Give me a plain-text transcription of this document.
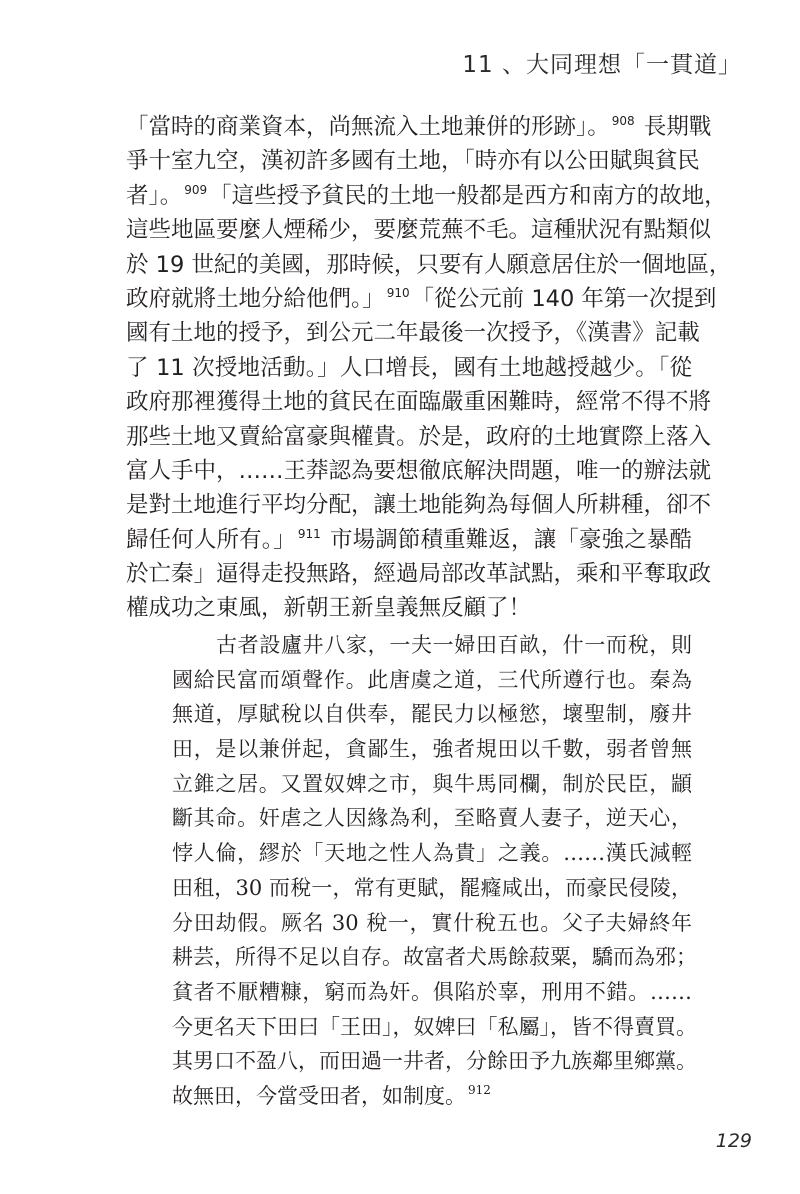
11 、大同理想「一貫道」
「當時的商業資本，尚無流入土地兼併的形跡」。 $^{908}$ 長期戰
爭十室九空，漢初許多國有土地，「時亦有以公田賦與貧民
者」。 $^{909}$「這些授予貧民的土地一般都是西方和南方的故地，
這些地區要麼人煙稀少，要麼荒蕪不毛。這種狀況有點類似
於 19 世紀的美國，那時候，只要有人願意居住於一個地區，
政府就將土地分給他們。」 $^{910}$「從公元前 140 年第一次提到
國有土地的授予，到公元二年最後一次授予，《漢書》記載
了 11 次授地活動。」人口增長，國有土地越授越少。「從
政府那裡獲得土地的貧民在面臨嚴重困難時，經常不得不將
那些土地又賣給富豪與權貴。於是，政府的土地實際上落入
富人手中，……王莽認為要想徹底解決問題，唯一的辦法就
是對土地進行平均分配，讓土地能夠為每個人所耕種，卻不
歸任何人所有。」 $^{911}$ 市場調節積重難返，讓「豪強之暴酷
於亡秦」逼得走投無路，經過局部改革試點，乘和平奪取政
權成功之東風，新朝王新皇義無反顧了！
古者設廬井八家，一夫一婦田百畝，什一而稅，則
國給民富而頌聲作。此唐虞之道，三代所遵行也。秦為
無道，厚賦稅以自供奉，罷民力以極慾，壞聖制，廢井
田，是以兼併起，貪鄙生，強者規田以千數，弱者曾無
立錐之居。又置奴婢之市，與牛馬同欄，制於民臣，顓
斷其命。奸虐之人因緣為利，至略賣人妻子，逆天心，
悖人倫，繆於「天地之性人為貴」之義。……漢氏減輕
田租，30 而稅一，常有更賦，罷癃咸出，而豪民侵陵，
分田劫假。厥名 30 稅一，實什稅五也。父子夫婦終年
耕芸，所得不足以自存。故富者犬馬餘菽粟，驕而為邪；
貧者不厭糟糠，窮而為奸。俱陷於辜，刑用不錯。……
今更名天下田曰「王田」，奴婢曰「私屬」，皆不得賣買。
其男口不盈八，而田過一井者，分餘田予九族鄰里鄉黨。
故無田，今當受田者，如制度。 $^{912}$
129
